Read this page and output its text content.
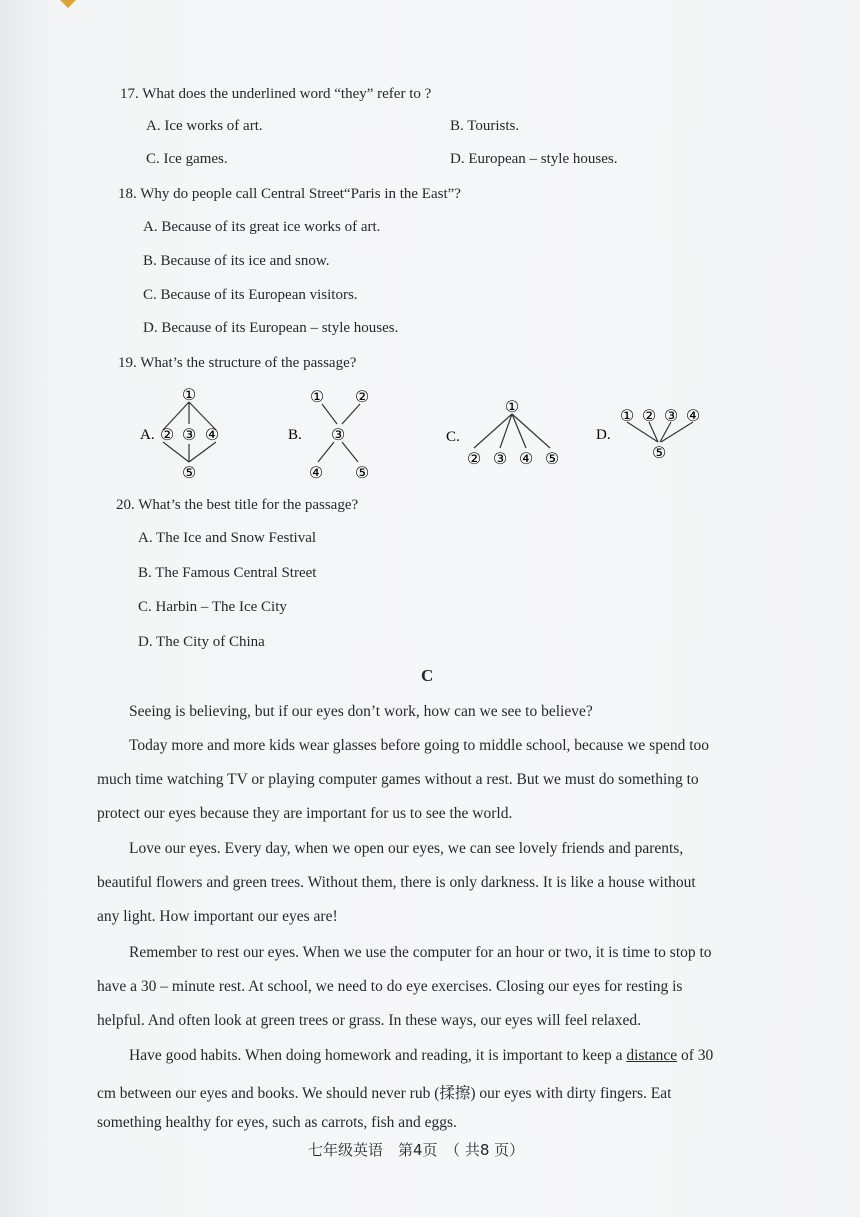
17. What does the underlined word “they” refer to ?
A. Ice works of art.	B. Tourists.
C. Ice games.	D. European – style houses.
18. Why do people call Central Street“Paris in the East”?
A. Because of its great ice works of art.
B. Because of its ice and snow.
C. Because of its European visitors.
D. Because of its European – style houses.
19. What’s the structure of the passage?
A.
①
② ③ ④
⑤
B.
① ②
③
④ ⑤
C.
①
② ③ ④ ⑤
D.
① ② ③ ④
⑤
20. What’s the best title for the passage?
A. The Ice and Snow Festival
B. The Famous Central Street
C. Harbin – The Ice City
D. The City of China
C
Seeing is believing, but if our eyes don’t work, how can we see to believe?
Today more and more kids wear glasses before going to middle school, because we spend too
much time watching TV or playing computer games without a rest. But we must do something to
protect our eyes because they are important for us to see the world.
Love our eyes. Every day, when we open our eyes, we can see lovely friends and parents,
beautiful flowers and green trees. Without them, there is only darkness. It is like a house without
any light. How important our eyes are!
Remember to rest our eyes. When we use the computer for an hour or two, it is time to stop to
have a 30 – minute rest. At school, we need to do eye exercises. Closing our eyes for resting is
helpful. And often look at green trees or grass. In these ways, our eyes will feel relaxed.
Have good habits. When doing homework and reading, it is important to keep a distance of 30
cm between our eyes and books. We should never rub (揉擦) our eyes with dirty fingers. Eat
something healthy for eyes, such as carrots, fish and eggs.
七年级英语　第4页　（ 共8 页）
